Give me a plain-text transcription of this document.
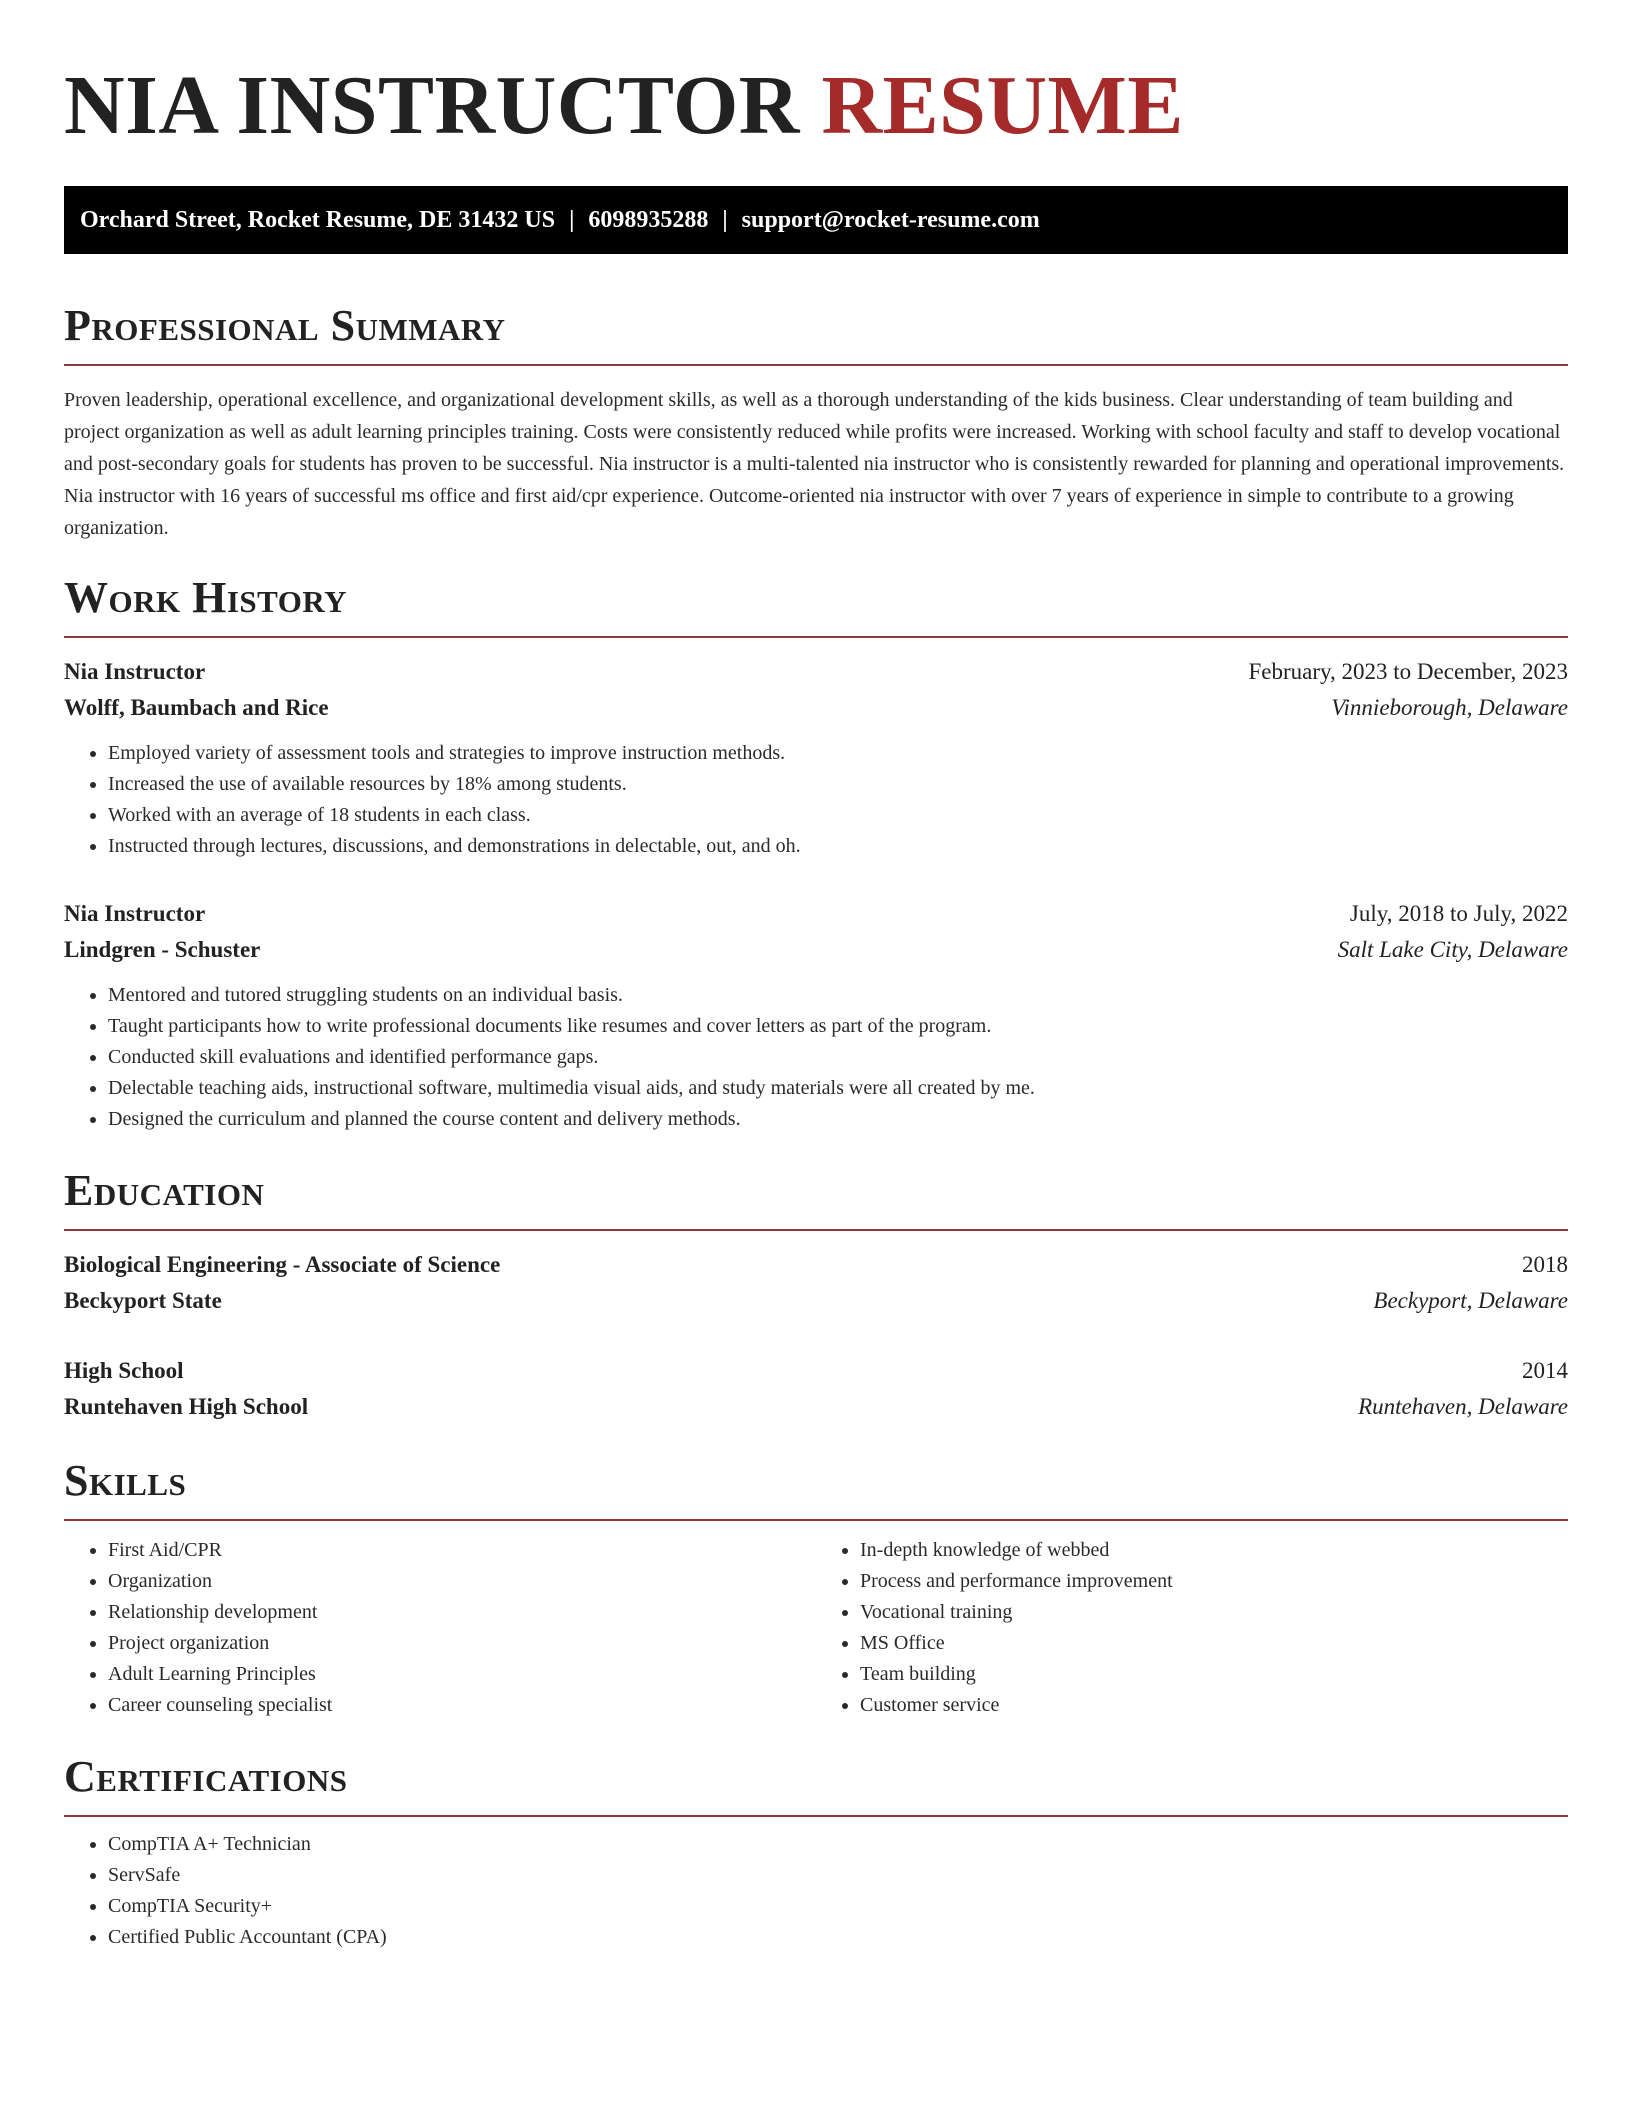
NIA INSTRUCTOR RESUME
Orchard Street, Rocket Resume, DE 31432 US | 6098935288 | support@rocket-resume.com
Professional Summary

Proven leadership, operational excellence, and organizational development skills, as well as a thorough understanding of the kids business. Clear understanding of team building and project organization as well as adult learning principles training. Costs were consistently reduced while profits were increased. Working with school faculty and staff to develop vocational and post-secondary goals for students has proven to be successful. Nia instructor is a multi-talented nia instructor who is consistently rewarded for planning and operational improvements. Nia instructor with 16 years of successful ms office and first aid/cpr experience. Outcome-oriented nia instructor with over 7 years of experience in simple to contribute to a growing organization.

Work History
Nia Instructor	February, 2023 to December, 2023
Wolff, Baumbach and Rice	Vinnieborough, Delaware
• Employed variety of assessment tools and strategies to improve instruction methods.
• Increased the use of available resources by 18% among students.
• Worked with an average of 18 students in each class.
• Instructed through lectures, discussions, and demonstrations in delectable, out, and oh.
Nia Instructor	July, 2018 to July, 2022
Lindgren - Schuster	Salt Lake City, Delaware
• Mentored and tutored struggling students on an individual basis.
• Taught participants how to write professional documents like resumes and cover letters as part of the program.
• Conducted skill evaluations and identified performance gaps.
• Delectable teaching aids, instructional software, multimedia visual aids, and study materials were all created by me.
• Designed the curriculum and planned the course content and delivery methods.
Education
Biological Engineering - Associate of Science	2018
Beckyport State	Beckyport, Delaware
High School	2014
Runtehaven High School	Runtehaven, Delaware
Skills
• First Aid/CPR
• Organization
• Relationship development
• Project organization
• Adult Learning Principles
• Career counseling specialist
• In-depth knowledge of webbed
• Process and performance improvement
• Vocational training
• MS Office
• Team building
• Customer service
Certifications
• CompTIA A+ Technician
• ServSafe
• CompTIA Security+
• Certified Public Accountant (CPA)
